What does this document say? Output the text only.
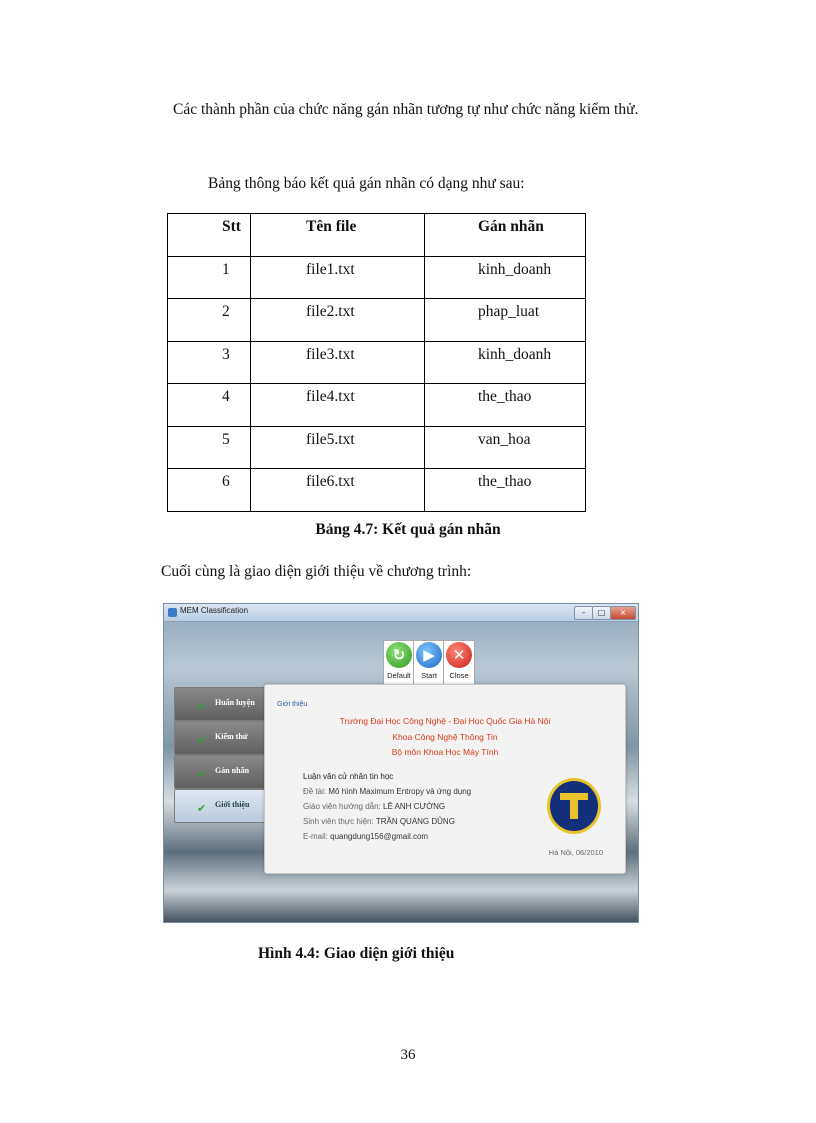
Các thành phần của chức năng gán nhãn tương tự như chức năng kiểm thử.
Bảng thông báo kết quả gán nhãn có dạng như sau:
Stt	Tên file	Gán nhãn

1	file1.txt	kinh_doanh

2	file2.txt	phap_luat

3	file3.txt	kinh_doanh

4	file4.txt	the_thao

5	file5.txt	van_hoa

6	file6.txt	the_thao
Bảng 4.7: Kết quả gán nhãn
Cuối cùng là giao diện giới thiệu về chương trình:
MEM Classification	–	□	×
↻
Default
▶
Start
✕
Close
✔ Huấn luyện
✔ Kiểm thử
✔ Gán nhãn
✔ Giới thiệu
Giới thiệu
Trường Đại Học Công Nghệ - Đại Học Quốc Gia Hà Nội
Khoa Công Nghệ Thông Tin
Bộ môn Khoa Học Máy Tính
Luận văn cử nhân tin học
Đề tài: Mô hình Maximum Entropy và ứng dụng
Giáo viên hướng dẫn: LÊ ANH CƯỜNG
Sinh viên thực hiện: TRẦN QUANG DŨNG
E-mail: quangdung156@gmail.com
Hà Nội, 06/2010
Hình 4.4: Giao diện giới thiệu
36
